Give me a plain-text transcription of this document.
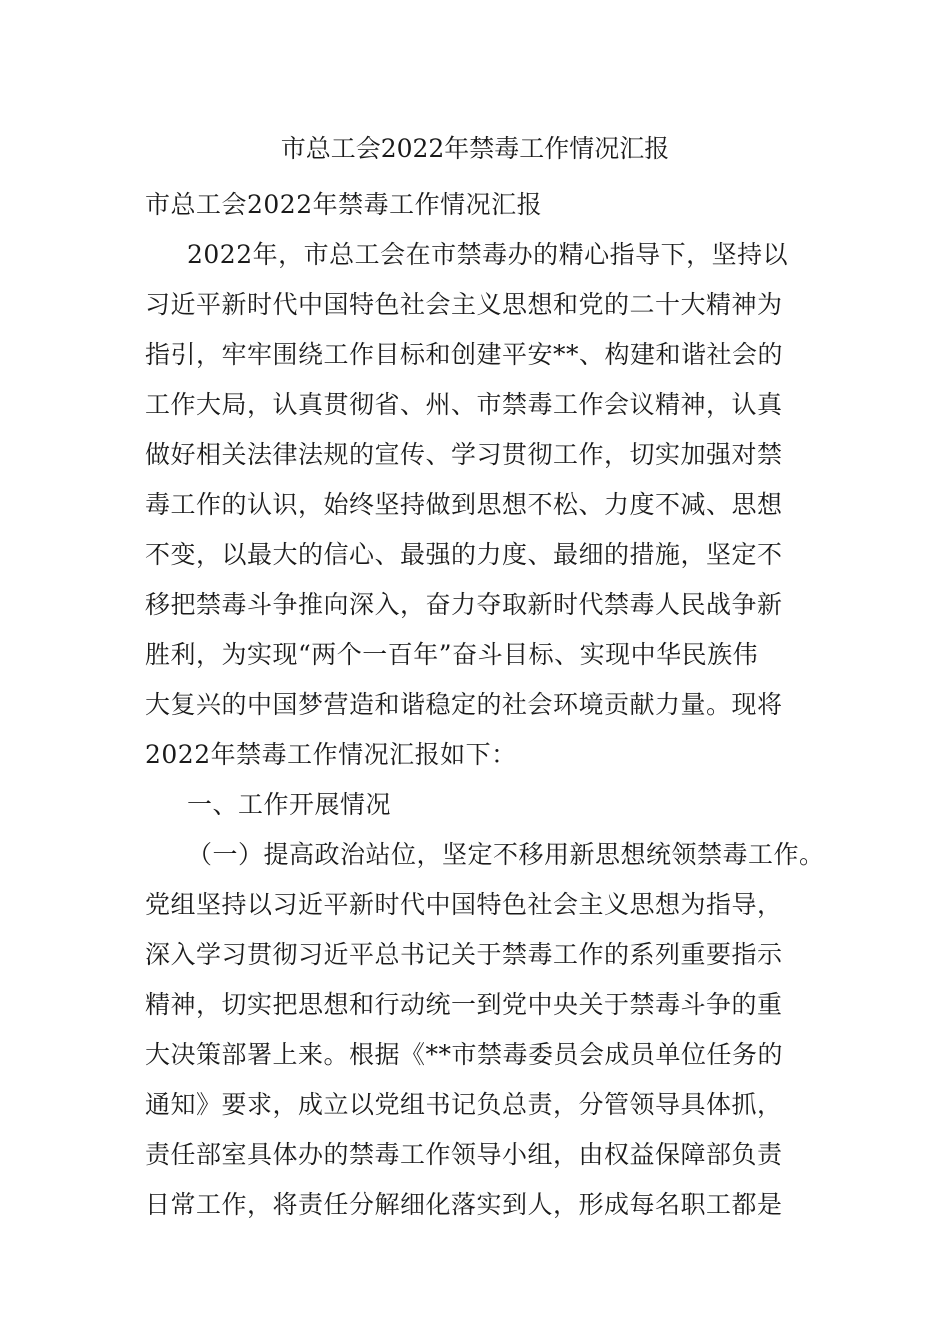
市总工会2022年禁毒工作情况汇报
市总工会2022年禁毒工作情况汇报
2022年，市总工会在市禁毒办的精心指导下，坚持以
习近平新时代中国特色社会主义思想和党的二十大精神为
指引，牢牢围绕工作目标和创建平安**、构建和谐社会的
工作大局，认真贯彻省、州、市禁毒工作会议精神，认真
做好相关法律法规的宣传、学习贯彻工作，切实加强对禁
毒工作的认识，始终坚持做到思想不松、力度不减、思想
不变，以最大的信心、最强的力度、最细的措施，坚定不
移把禁毒斗争推向深入，奋力夺取新时代禁毒人民战争新
胜利，为实现“两个一百年”奋斗目标、实现中华民族伟
大复兴的中国梦营造和谐稳定的社会环境贡献力量。现将
2022年禁毒工作情况汇报如下：
一、工作开展情况
（一）提高政治站位，坚定不移用新思想统领禁毒工作。
党组坚持以习近平新时代中国特色社会主义思想为指导，
深入学习贯彻习近平总书记关于禁毒工作的系列重要指示
精神，切实把思想和行动统一到党中央关于禁毒斗争的重
大决策部署上来。根据《**市禁毒委员会成员单位任务的
通知》要求，成立以党组书记负总责，分管领导具体抓，
责任部室具体办的禁毒工作领导小组，由权益保障部负责
日常工作，将责任分解细化落实到人，形成每名职工都是
